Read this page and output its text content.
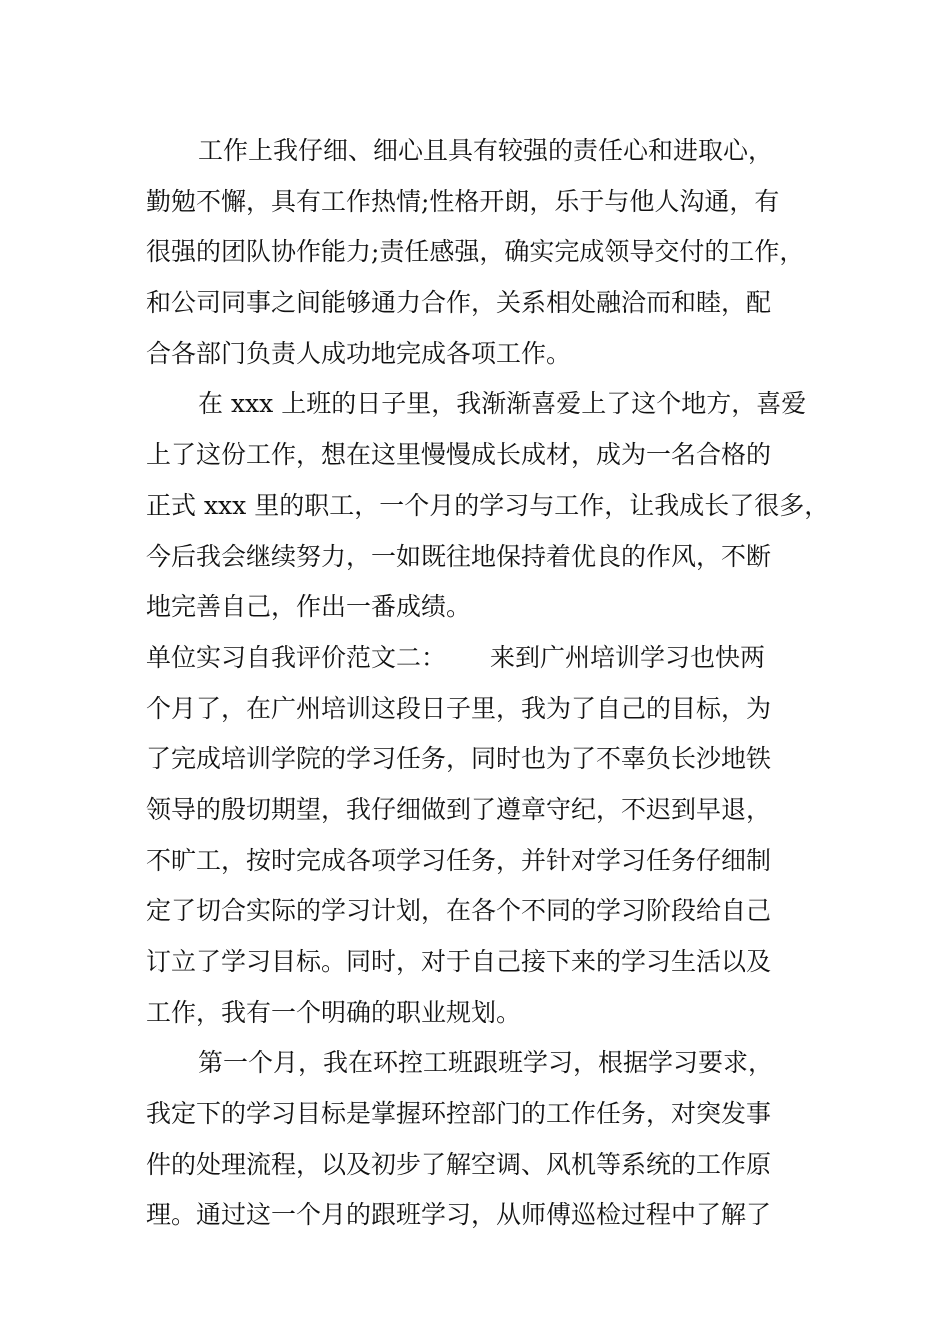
工作上我仔细、细心且具有较强的责任心和进取心，
勤勉不懈，具有工作热情;性格开朗，乐于与他人沟通，有
很强的团队协作能力;责任感强，确实完成领导交付的工作，
和公司同事之间能够通力合作，关系相处融洽而和睦，配
合各部门负责人成功地完成各项工作。
在 xxx 上班的日子里，我渐渐喜爱上了这个地方，喜爱
上了这份工作，想在这里慢慢成长成材，成为一名合格的
正式 xxx 里的职工，一个月的学习与工作，让我成长了很多，
今后我会继续努力，一如既往地保持着优良的作风，不断
地完善自己，作出一番成绩。
单位实习自我评价范文二： 来到广州培训学习也快两
个月了，在广州培训这段日子里，我为了自己的目标，为
了完成培训学院的学习任务，同时也为了不辜负长沙地铁
领导的殷切期望，我仔细做到了遵章守纪，不迟到早退，
不旷工，按时完成各项学习任务，并针对学习任务仔细制
定了切合实际的学习计划，在各个不同的学习阶段给自己
订立了学习目标。同时，对于自己接下来的学习生活以及
工作，我有一个明确的职业规划。
第一个月，我在环控工班跟班学习，根据学习要求，
我定下的学习目标是掌握环控部门的工作任务，对突发事
件的处理流程，以及初步了解空调、风机等系统的工作原
理。通过这一个月的跟班学习，从师傅巡检过程中了解了
